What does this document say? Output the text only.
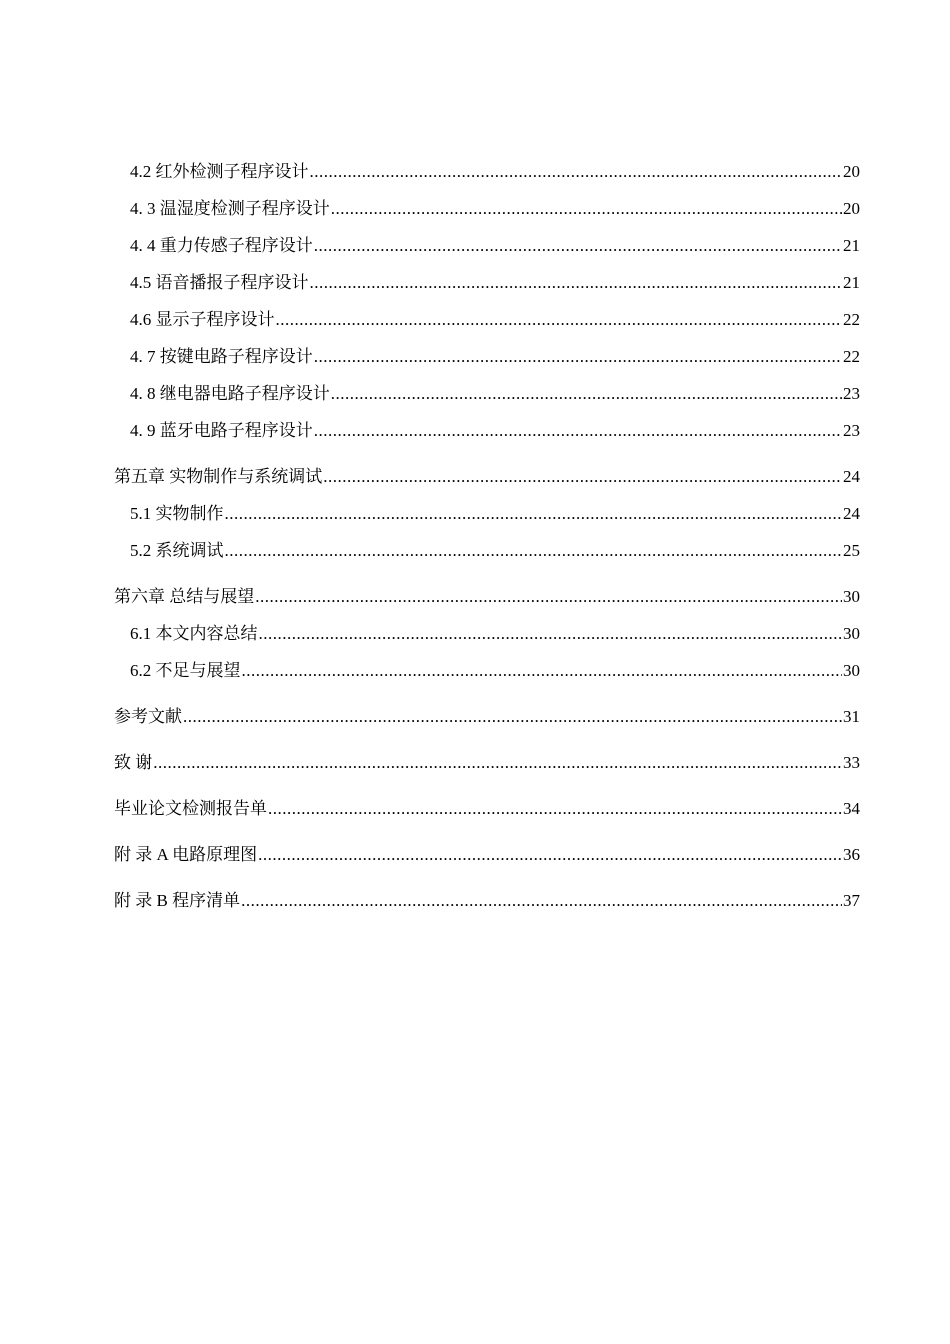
4.2 红外检测子程序设计 .....	20
4. 3 温湿度检测子程序设计 .....	20
4. 4 重力传感子程序设计 .....	21
4.5 语音播报子程序设计 .....	21
4.6 显示子程序设计 .....	22
4. 7 按键电路子程序设计 .....	22
4. 8 继电器电路子程序设计 .....	23
4. 9 蓝牙电路子程序设计 .....	23
第五章 实物制作与系统调试 .....	24
5.1 实物制作 .....	24
5.2 系统调试 .....	25
第六章 总结与展望 .....	30
6.1 本文内容总结 .....	30
6.2 不足与展望 .....	30
参考文献 .....	31
致 谢 .....	33
毕业论文检测报告单 .....	34
附 录 A 电路原理图 .....	36
附 录 B 程序清单 .....	37
